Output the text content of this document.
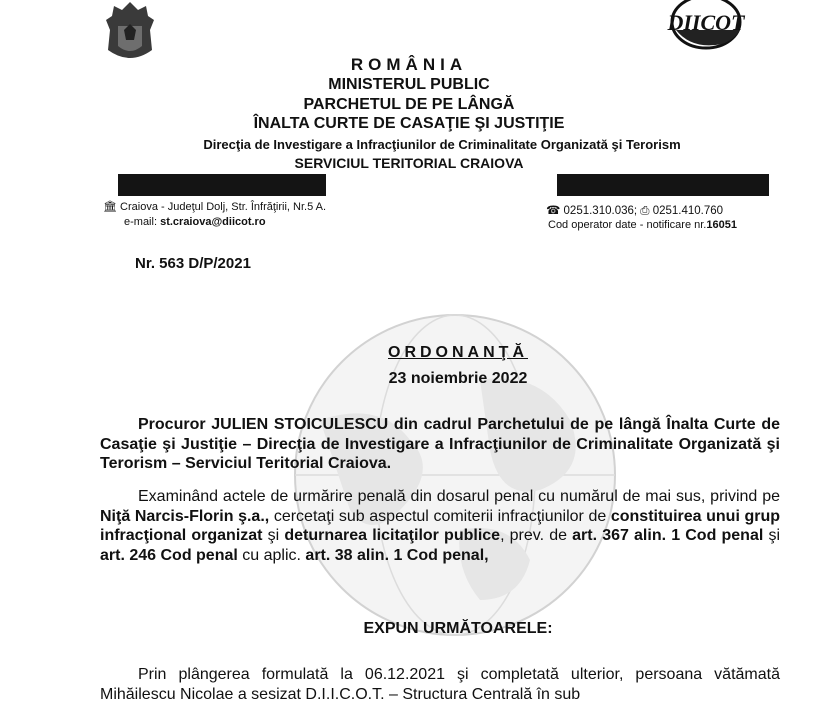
DIICOT
ROMÂNIA
MINISTERUL PUBLIC
PARCHETUL DE PE LÂNGĂ
ÎNALTA CURTE DE CASAŢIE ŞI JUSTIŢIE
Direcţia de Investigare a Infracţiunilor de Criminalitate Organizată şi Terorism
SERVICIUL TERITORIAL CRAIOVA
🏛 Craiova - Judeţul Dolj, Str. Înfrăţirii, Nr.5 A.
e-mail: st.craiova@diicot.ro
☎ 0251.310.036; ⎙ 0251.410.760
Cod operator date - notificare nr.16051
Nr. 563 D/P/2021
ORDONANŢĂ
23 noiembrie 2022
Procuror JULIEN STOICULESCU din cadrul Parchetului de pe lângă Înalta Curte de Casaţie şi Justiţie – Direcţia de Investigare a Infracţiunilor de Criminalitate Organizată şi Terorism – Serviciul Teritorial Craiova.
Examinând actele de urmărire penală din dosarul penal cu numărul de mai sus, privind pe Niţă Narcis-Florin ş.a., cercetaţi sub aspectul comiterii infracţiunilor de constituirea unui grup infracţional organizat şi deturnarea licitaţilor publice, prev. de art. 367 alin. 1 Cod penal şi art. 246 Cod penal cu aplic. art. 38 alin. 1 Cod penal,
EXPUN URMĂTOARELE:
Prin plângerea formulată la 06.12.2021 şi completată ulterior, persoana vătămată Mihăilescu Nicolae a sesizat D.I.I.C.O.T. – Structura Centrală în sub
